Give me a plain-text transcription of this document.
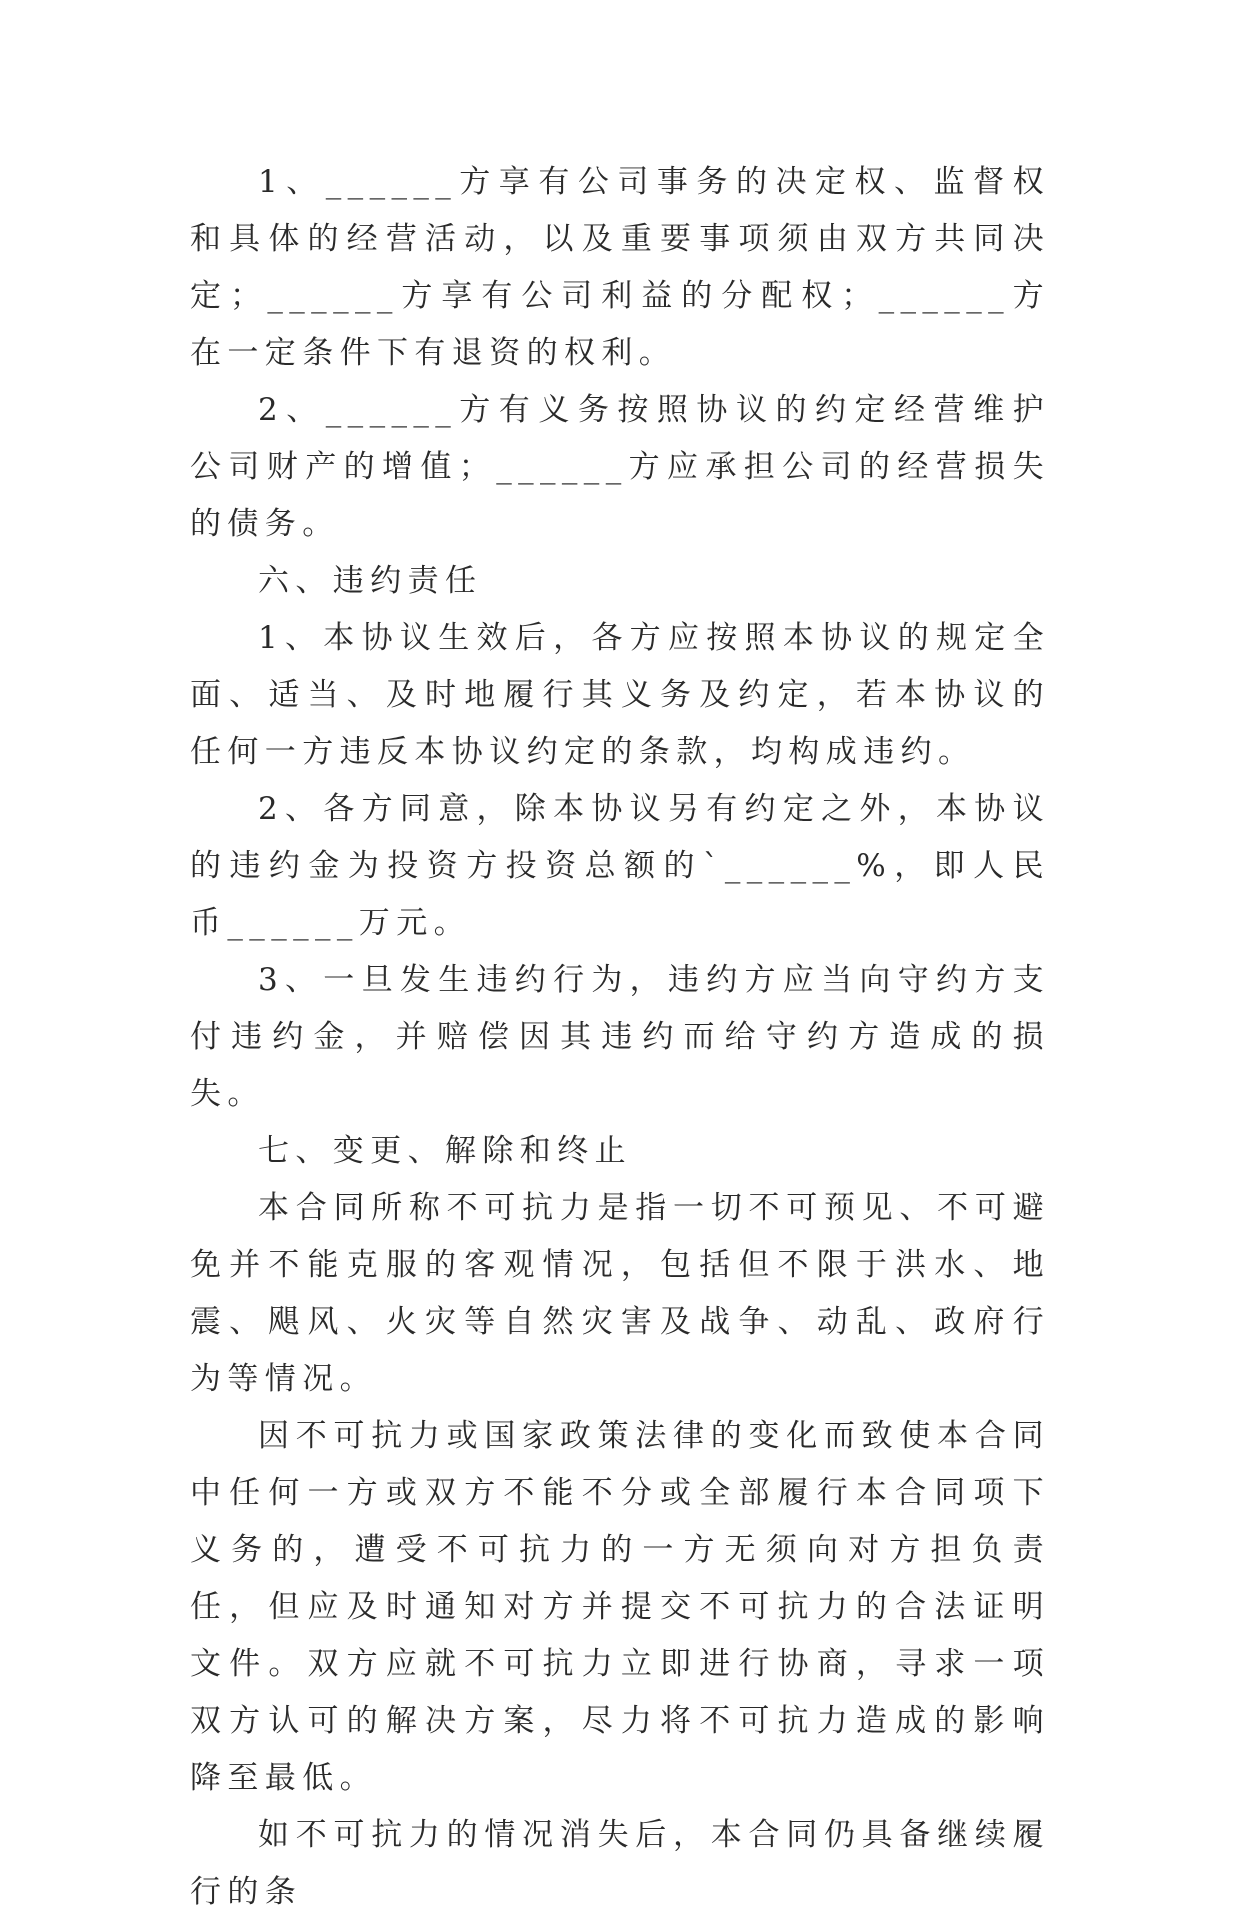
1、______方享有公司事务的决定权、监督权和具体的经营活动，以及重要事项须由双方共同决定；______方享有公司利益的分配权；______方在一定条件下有退资的权利。

2、______方有义务按照协议的约定经营维护公司财产的增值；______方应承担公司的经营损失的债务。

六、违约责任

1、本协议生效后，各方应按照本协议的规定全面、适当、及时地履行其义务及约定，若本协议的任何一方违反本协议约定的条款，均构成违约。

2、各方同意，除本协议另有约定之外，本协议的违约金为投资方投资总额的`______%，即人民币______万元。

3、一旦发生违约行为，违约方应当向守约方支付违约金，并赔偿因其违约而给守约方造成的损失。

七、变更、解除和终止

本合同所称不可抗力是指一切不可预见、不可避免并不能克服的客观情况，包括但不限于洪水、地震、飓风、火灾等自然灾害及战争、动乱、政府行为等情况。

因不可抗力或国家政策法律的变化而致使本合同中任何一方或双方不能不分或全部履行本合同项下义务的，遭受不可抗力的一方无须向对方担负责任，但应及时通知对方并提交不可抗力的合法证明文件。双方应就不可抗力立即进行协商，寻求一项双方认可的解决方案，尽力将不可抗力造成的影响降至最低。

如不可抗力的情况消失后，本合同仍具备继续履行的条
